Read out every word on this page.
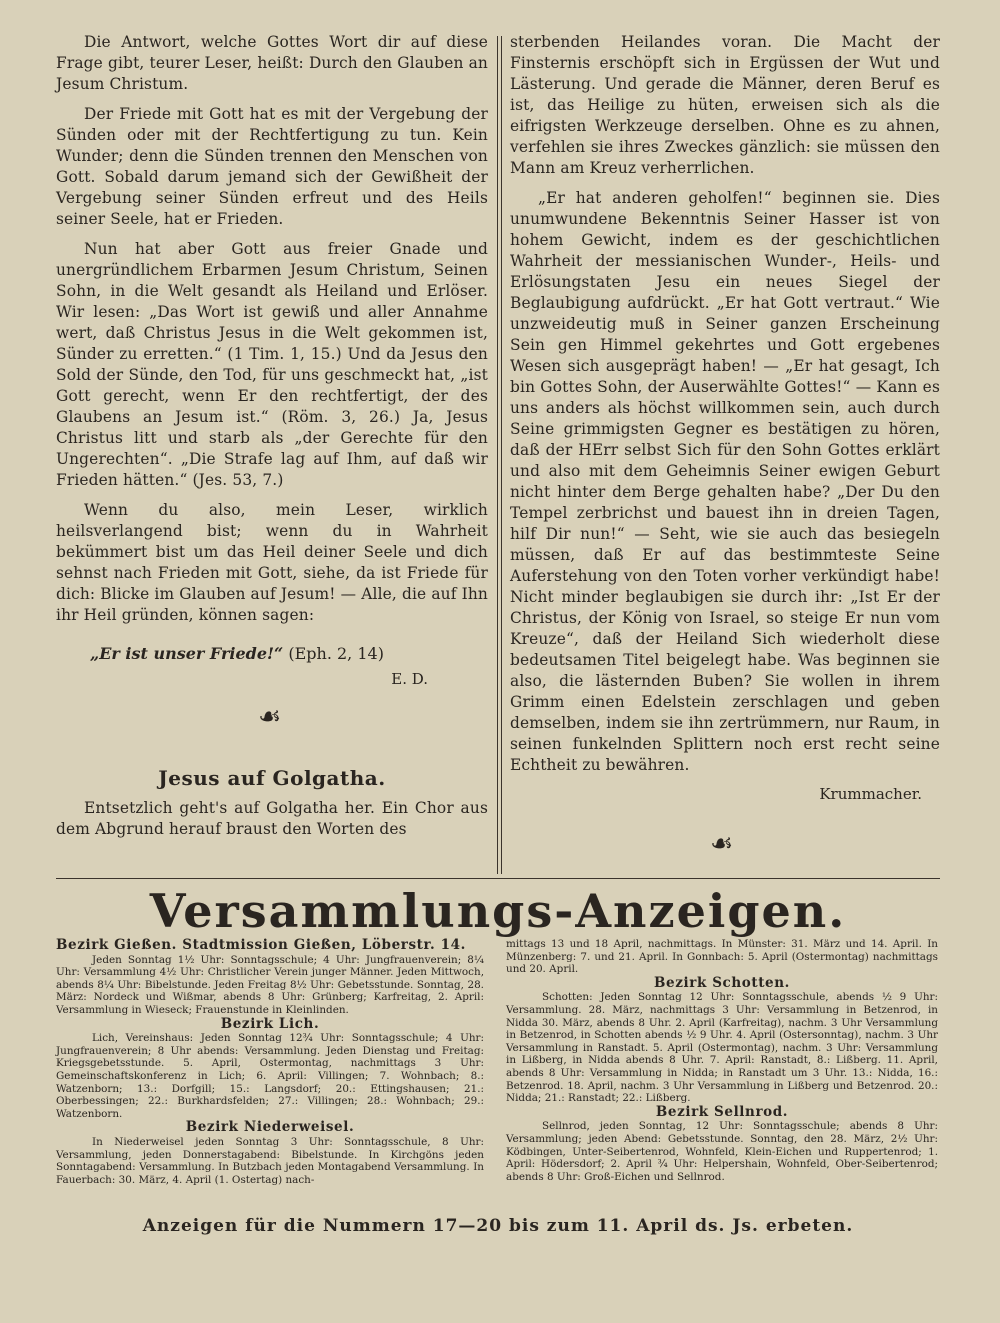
Die Antwort, welche Gottes Wort dir auf diese Frage gibt, teurer Leser, heißt: Durch den Glauben an Jesum Christum.

Der Friede mit Gott hat es mit der Vergebung der Sünden oder mit der Rechtfertigung zu tun. Kein Wunder; denn die Sünden trennen den Menschen von Gott. Sobald darum jemand sich der Gewißheit der Vergebung seiner Sünden erfreut und des Heils seiner Seele, hat er Frieden.

Nun hat aber Gott aus freier Gnade und unergründlichem Erbarmen Jesum Christum, Seinen Sohn, in die Welt gesandt als Heiland und Erlöser. Wir lesen: „Das Wort ist gewiß und aller Annahme wert, daß Christus Jesus in die Welt gekommen ist, Sünder zu erretten.“ (1 Tim. 1, 15.) Und da Jesus den Sold der Sünde, den Tod, für uns geschmeckt hat, „ist Gott gerecht, wenn Er den rechtfertigt, der des Glaubens an Jesum ist.“ (Röm. 3, 26.) Ja, Jesus Christus litt und starb als „der Gerechte für den Ungerechten“. „Die Strafe lag auf Ihm, auf daß wir Frieden hätten.“ (Jes. 53, 7.)

Wenn du also, mein Leser, wirklich heilsverlangend bist; wenn du in Wahrheit bekümmert bist um das Heil deiner Seele und dich sehnst nach Frieden mit Gott, siehe, da ist Friede für dich: Blicke im Glauben auf Jesum! — Alle, die auf Ihn ihr Heil gründen, können sagen:

„Er ist unser Friede!“ (Eph. 2, 14)
E. D.
☙
Jesus auf Golgatha.

Entsetzlich geht's auf Golgatha her. Ein Chor aus dem Abgrund herauf braust den Worten des

sterbenden Heilandes voran. Die Macht der Finsternis erschöpft sich in Ergüssen der Wut und Lästerung. Und gerade die Männer, deren Beruf es ist, das Heilige zu hüten, erweisen sich als die eifrigsten Werkzeuge derselben. Ohne es zu ahnen, verfehlen sie ihres Zweckes gänzlich: sie müssen den Mann am Kreuz verherrlichen.

„Er hat anderen geholfen!“ beginnen sie. Dies unumwundene Bekenntnis Seiner Hasser ist von hohem Gewicht, indem es der geschichtlichen Wahrheit der messianischen Wunder-, Heils- und Erlösungstaten Jesu ein neues Siegel der Beglaubigung aufdrückt. „Er hat Gott vertraut.“ Wie unzweideutig muß in Seiner ganzen Erscheinung Sein gen Himmel gekehrtes und Gott ergebenes Wesen sich ausgeprägt haben! — „Er hat gesagt, Ich bin Gottes Sohn, der Auserwählte Gottes!“ — Kann es uns anders als höchst willkommen sein, auch durch Seine grimmigsten Gegner es bestätigen zu hören, daß der HErr selbst Sich für den Sohn Gottes erklärt und also mit dem Geheimnis Seiner ewigen Geburt nicht hinter dem Berge gehalten habe? „Der Du den Tempel zerbrichst und bauest ihn in dreien Tagen, hilf Dir nun!“ — Seht, wie sie auch das besiegeln müssen, daß Er auf das bestimmteste Seine Auferstehung von den Toten vorher verkündigt habe! Nicht minder beglaubigen sie durch ihr: „Ist Er der Christus, der König von Israel, so steige Er nun vom Kreuze“, daß der Heiland Sich wiederholt diese bedeutsamen Titel beigelegt habe. Was beginnen sie also, die lästernden Buben? Sie wollen in ihrem Grimm einen Edelstein zerschlagen und geben demselben, indem sie ihn zertrümmern, nur Raum, in seinen funkelnden Splittern noch erst recht seine Echtheit zu bewähren.

Krummacher.
☙
Versammlungs-Anzeigen.
Bezirk Gießen. Stadtmission Gießen, Löberstr. 14.

Jeden Sonntag 1½ Uhr: Sonntagsschule; 4 Uhr: Jungfrauenverein; 8¼ Uhr: Versammlung 4½ Uhr: Christlicher Verein junger Männer. Jeden Mittwoch, abends 8¼ Uhr: Bibelstunde. Jeden Freitag 8½ Uhr: Gebetsstunde. Sonntag, 28. März: Nordeck und Wißmar, abends 8 Uhr: Grünberg; Karfreitag, 2. April: Versammlung in Wieseck; Frauenstunde in Kleinlinden.

Bezirk Lich.

Lich, Vereinshaus: Jeden Sonntag 12¾ Uhr: Sonntagsschule; 4 Uhr: Jungfrauenverein; 8 Uhr abends: Versammlung. Jeden Dienstag und Freitag: Kriegsgebetsstunde. 5. April, Ostermontag, nachmittags 3 Uhr: Gemeinschaftskonferenz in Lich; 6. April: Villingen; 7. Wohnbach; 8.: Watzenborn; 13.: Dorfgill; 15.: Langsdorf; 20.: Ettingshausen; 21.: Oberbessingen; 22.: Burkhardsfelden; 27.: Villingen; 28.: Wohnbach; 29.: Watzenborn.

Bezirk Niederweisel.

In Niederweisel jeden Sonntag 3 Uhr: Sonntagsschule, 8 Uhr: Versammlung, jeden Donnerstagabend: Bibelstunde. In Kirchgöns jeden Sonntagabend: Versammlung. In Butzbach jeden Montagabend Versammlung. In Fauerbach: 30. März, 4. April (1. Ostertag) nach-

mittags 13 und 18 April, nachmittags. In Münster: 31. März und 14. April. In Münzenberg: 7. und 21. April. In Gonnbach: 5. April (Ostermontag) nachmittags und 20. April.

Bezirk Schotten.

Schotten: Jeden Sonntag 12 Uhr: Sonntagsschule, abends ½ 9 Uhr: Versammlung. 28. März, nachmittags 3 Uhr: Versammlung in Betzenrod, in Nidda 30. März, abends 8 Uhr. 2. April (Karfreitag), nachm. 3 Uhr Versammlung in Betzenrod, in Schotten abends ½ 9 Uhr. 4. April (Ostersonntag), nachm. 3 Uhr Versammlung in Ranstadt. 5. April (Ostermontag), nachm. 3 Uhr: Versammlung in Lißberg, in Nidda abends 8 Uhr. 7. April: Ranstadt, 8.: Lißberg. 11. April, abends 8 Uhr: Versammlung in Nidda; in Ranstadt um 3 Uhr. 13.: Nidda, 16.: Betzenrod. 18. April, nachm. 3 Uhr Versammlung in Lißberg und Betzenrod. 20.: Nidda; 21.: Ranstadt; 22.: Lißberg.

Bezirk Sellnrod.

Sellnrod, jeden Sonntag, 12 Uhr: Sonntagsschule; abends 8 Uhr: Versammlung; jeden Abend: Gebetsstunde. Sonntag, den 28. März, 2½ Uhr: Ködbingen, Unter-Seibertenrod, Wohnfeld, Klein-Eichen und Ruppertenrod; 1. April: Hödersdorf; 2. April ¾ Uhr: Helpershain, Wohnfeld, Ober-Seibertenrod; abends 8 Uhr: Groß-Eichen und Sellnrod.

Anzeigen für die Nummern 17—20 bis zum 11. April ds. Js. erbeten.
